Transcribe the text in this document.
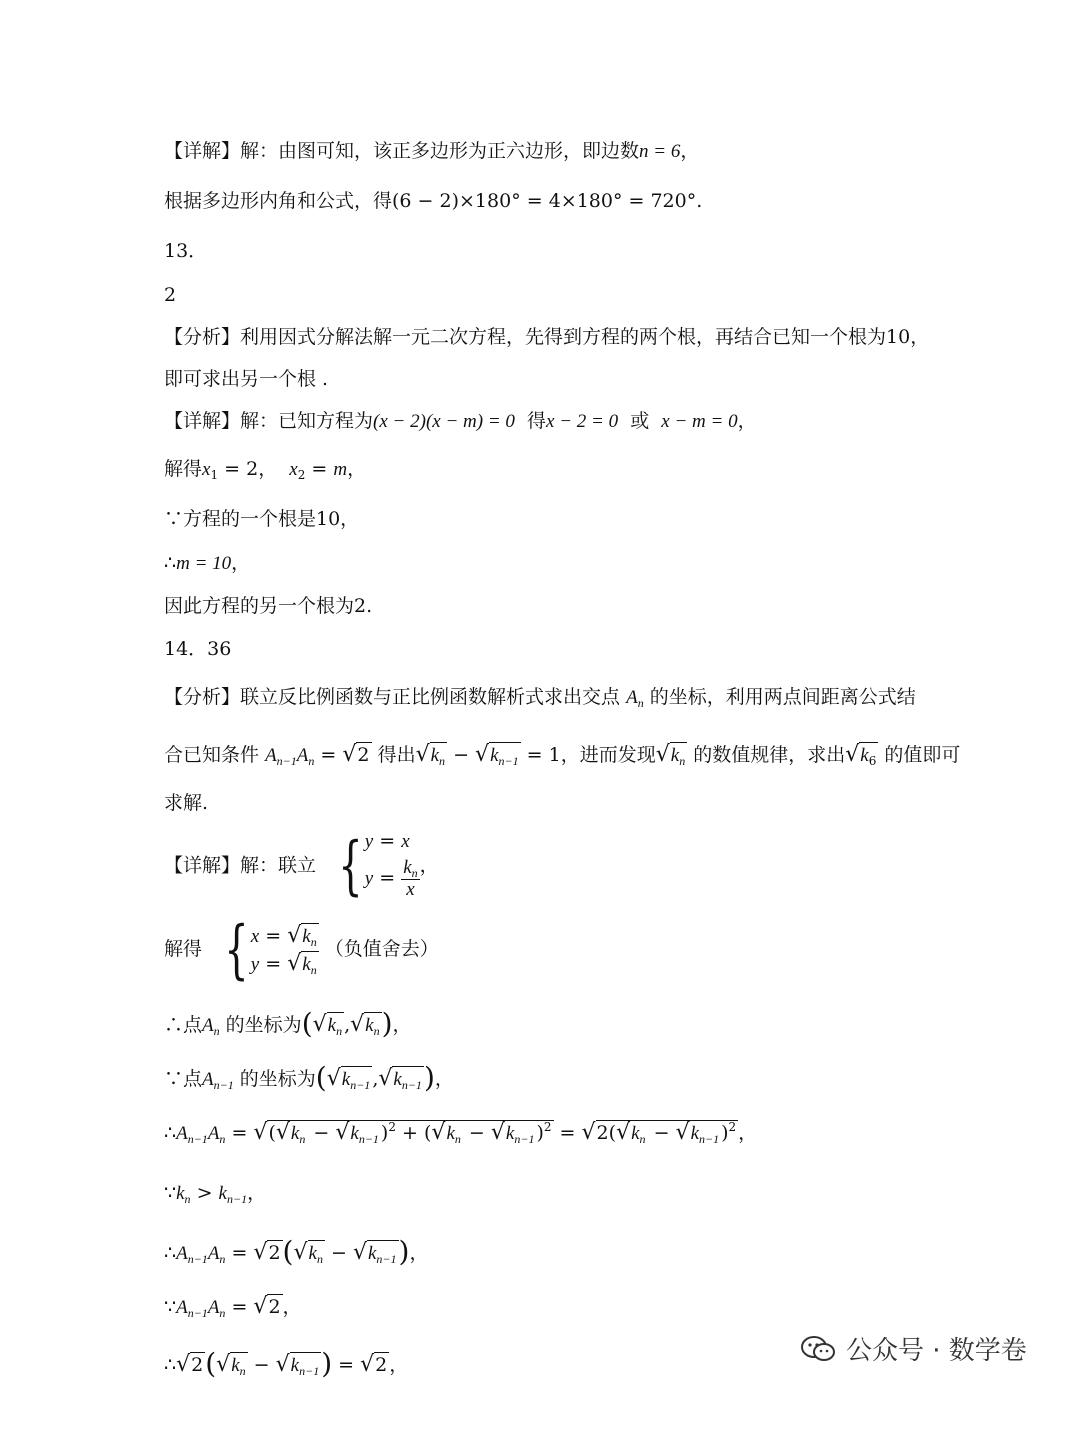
【详解】解：由图可知，该正多边形为正六边形，即边数n = 6，
根据多边形内角和公式，得(6 − 2)×180° = 4×180° = 720°.
13．
2
【分析】利用因式分解法解一元二次方程，先得到方程的两个根，再结合已知一个根为10，
即可求出另一个根 .
【详解】解：已知方程为(x − 2)(x − m) = 0 得x − 2 = 0 或 x − m = 0，
解得$x_1 = 2$， $x_2 = m$，
∵方程的一个根是10，
∴m = 10，
因此方程的另一个根为2.
14．36
【分析】联立反比例函数与正比例函数解析式求出交点 $A_n$ 的坐标，利用两点间距离公式结
合已知条件 $A_{n-1}A_n = √2$ 得出$√k_n - √k_{n-1} = 1$，进而发现$√k_n$ 的数值规律，求出$√k_6$ 的值即可
求解.
【详解】解：联立 { y = x
$y = \frac{k_n}{x}$ ，
解得 { $x = √k_n$
$y = √k_n$
（负值舍去）
∴点$A_n$ 的坐标为($√k_n$ $,√k_n$)，
∵点$A_{n-1}$ 的坐标为($√k_{n-1}$ $,√k_{n-1}$)，
$\therefore A_{n-1}A_n = √(√k_n - √k_{n-1}$ )$^2 + (√k_n - √k_{n-1}$ )$^2 = √2(√k_n - √k_{n-1}$ )$^2$ ，
$\because k_n > k_{n-1}$，
$\therefore A_{n-1}A_n = √2(√k_n - √k_{n-1})$，
$\because A_{n-1}A_n = √2$ ，
$\therefore√2(√k_n - √k_{n-1}) = √2$ ，	公众号 · 数学卷
